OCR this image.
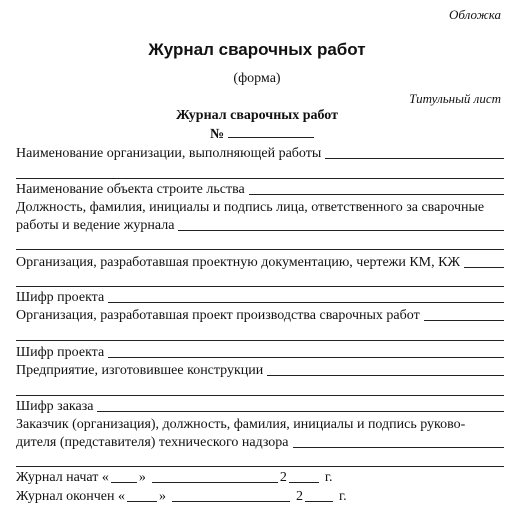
Обложка
Журнал сварочных работ
(форма)
Титульный лист
Журнал сварочных работ
№
Наименование организации, выполняющей работы
Наименование объекта строите льства
Должность, фамилия, инициалы и подпись лица, ответственного за сварочные
работы и ведение журнала
Организация, разработавшая проектную документацию, чертежи КМ, КЖ
Шифр проекта
Организация, разработавшая проект производства сварочных работ
Шифр проекта
Предприятие, изготовившее конструкции
Шифр заказа
Заказчик (организация), должность, фамилия, инициалы и подпись руково-
дителя (представителя) технического надзора
Журнал начат « »	2	г.
Журнал окончен « »	2	г.
